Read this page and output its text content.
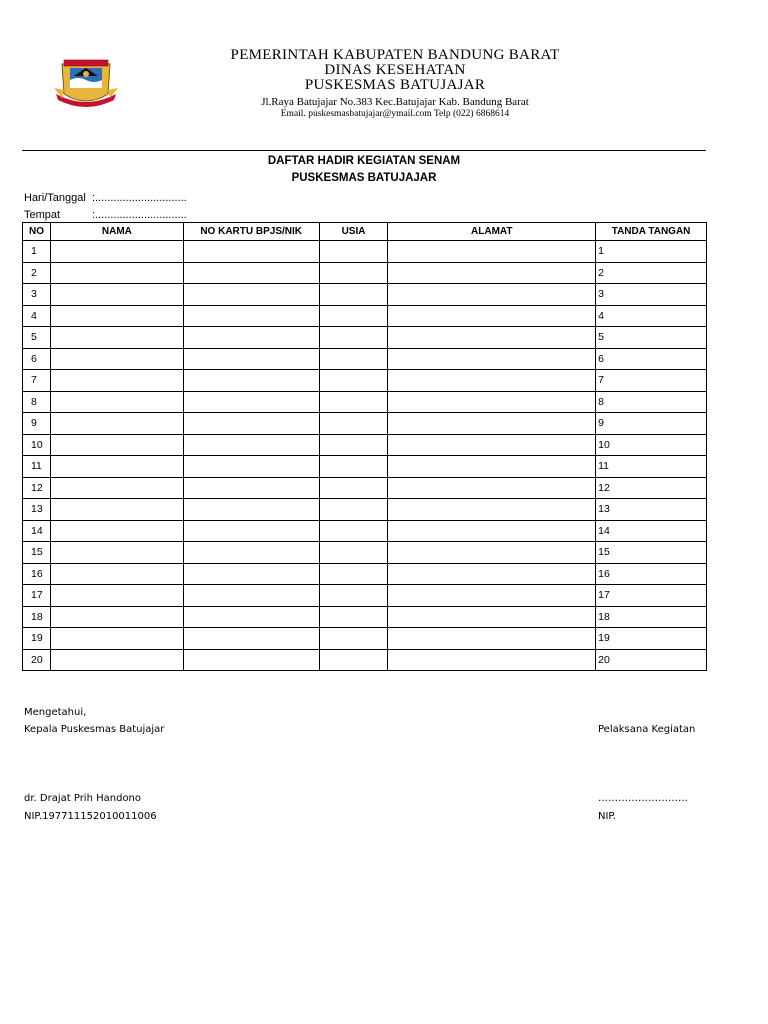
PEMERINTAH KABUPATEN BANDUNG BARAT
DINAS KESEHATAN
PUSKESMAS BATUJAJAR
Jl.Raya Batujajar No.383 Kec.Batujajar Kab. Bandung Barat
Email. puskesmasbatujajar@ymail.com Telp (022) 6868614
DAFTAR HADIR KEGIATAN SENAM
PUSKESMAS BATUJAJAR
Hari/Tanggal :..............................
Tempat	:..............................
NO	NAMA	NO KARTU BPJS/NIK	USIA	ALAMAT	TANDA TANGAN
1					1
2					2
3					3
4					4
5					5
6					6
7					7
8					8
9					9
10					10
11					11
12					12
13					13
14					14
15					15
16					16
17					17
18					18
19					19
20					20
Mengetahui,
Kepala Puskesmas Batujajar	Pelaksana Kegiatan
dr. Drajat Prih Handono	………………………
NIP.197711152010011006	NIP.
